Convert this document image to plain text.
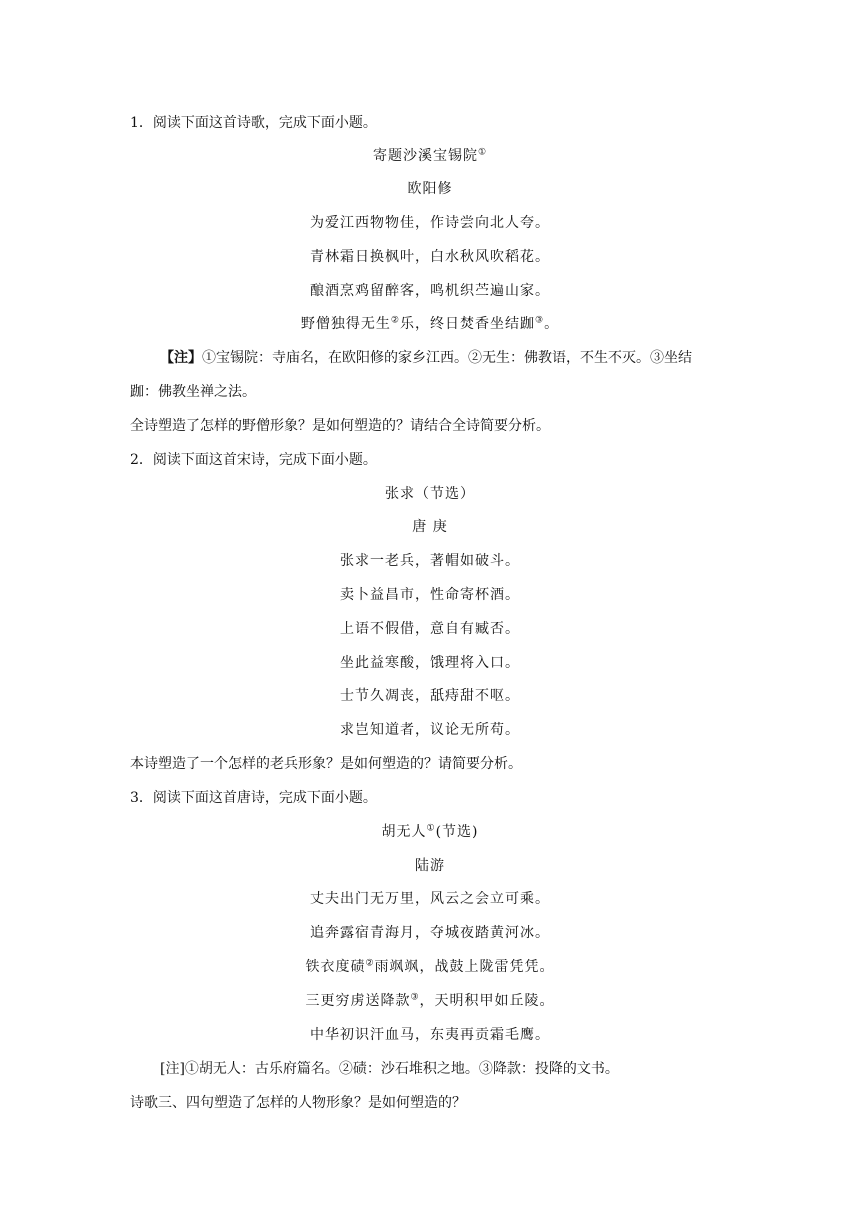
1．阅读下面这首诗歌，完成下面小题。
寄题沙溪宝锡院①
欧阳修
为爱江西物物佳，作诗尝向北人夸。
青林霜日换枫叶，白水秋风吹稻花。
酿酒烹鸡留醉客，鸣机织苎遍山家。
野僧独得无生②乐，终日焚香坐结跏③。
【注】①宝锡院：寺庙名，在欧阳修的家乡江西。②无生：佛教语，不生不灭。③坐结
跏：佛教坐禅之法。
全诗塑造了怎样的野僧形象？是如何塑造的？请结合全诗简要分析。
2．阅读下面这首宋诗，完成下面小题。
张求（节选）
唐 庚
张求一老兵，著帽如破斗。
卖卜益昌市，性命寄杯酒。
上语不假借，意自有臧否。
坐此益寒酸，饿理将入口。
士节久凋丧，舐痔甜不呕。
求岂知道者，议论无所苟。
本诗塑造了一个怎样的老兵形象？是如何塑造的？请简要分析。
3．阅读下面这首唐诗，完成下面小题。
胡无人①(节选)
陆游
丈夫出门无万里，风云之会立可乘。
追奔露宿青海月，夺城夜踏黄河冰。
铁衣度碛②雨飒飒，战鼓上陇雷凭凭。
三更穷虏送降款③，天明积甲如丘陵。
中华初识汗血马，东夷再贡霜毛鹰。
[注]①胡无人：古乐府篇名。②碛：沙石堆积之地。③降款：投降的文书。
诗歌三、四句塑造了怎样的人物形象？是如何塑造的？
